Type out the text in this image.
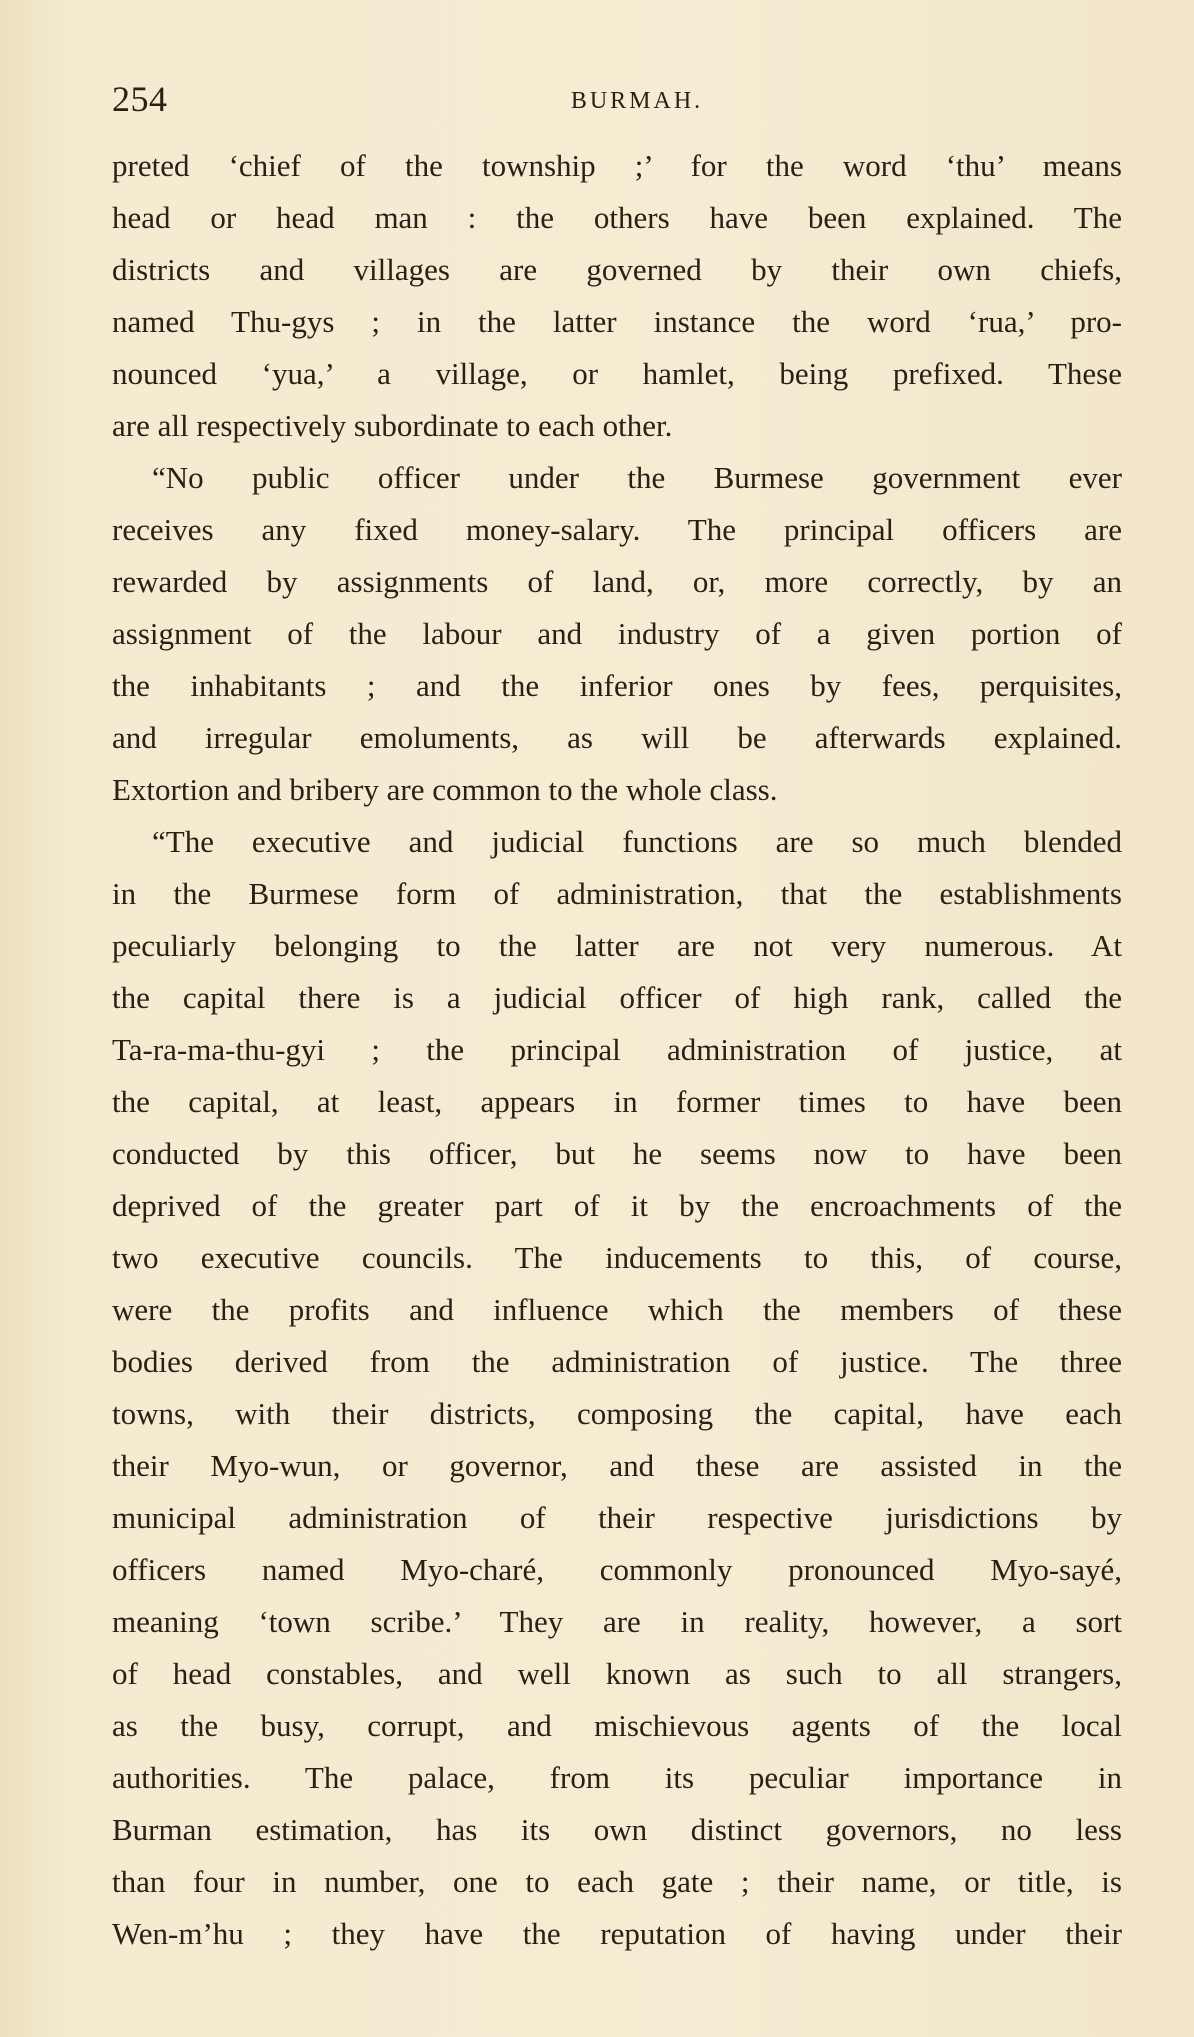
254	BURMAH.
preted ‘chief of the township ;’ for the word ‘thu’ means
head or head man : the others have been explained. The
districts and villages are governed by their own chiefs,
named Thu-gys ; in the latter instance the word ‘rua,’ pro-
nounced ‘yua,’ a village, or hamlet, being prefixed. These
are all respectively subordinate to each other.
“No public officer under the Burmese government ever
receives any fixed money-salary. The principal officers are
rewarded by assignments of land, or, more correctly, by an
assignment of the labour and industry of a given portion of
the inhabitants ; and the inferior ones by fees, perquisites,
and irregular emoluments, as will be afterwards explained.
Extortion and bribery are common to the whole class.
“The executive and judicial functions are so much blended
in the Burmese form of administration, that the establishments
peculiarly belonging to the latter are not very numerous. At
the capital there is a judicial officer of high rank, called the
Ta-ra-ma-thu-gyi ; the principal administration of justice, at
the capital, at least, appears in former times to have been
conducted by this officer, but he seems now to have been
deprived of the greater part of it by the encroachments of the
two executive councils. The inducements to this, of course,
were the profits and influence which the members of these
bodies derived from the administration of justice. The three
towns, with their districts, composing the capital, have each
their Myo-wun, or governor, and these are assisted in the
municipal administration of their respective jurisdictions by
officers named Myo-charé, commonly pronounced Myo-sayé,
meaning ‘town scribe.’ They are in reality, however, a sort
of head constables, and well known as such to all strangers,
as the busy, corrupt, and mischievous agents of the local
authorities. The palace, from its peculiar importance in
Burman estimation, has its own distinct governors, no less
than four in number, one to each gate ; their name, or title, is
Wen-m’hu ; they have the reputation of having under their
